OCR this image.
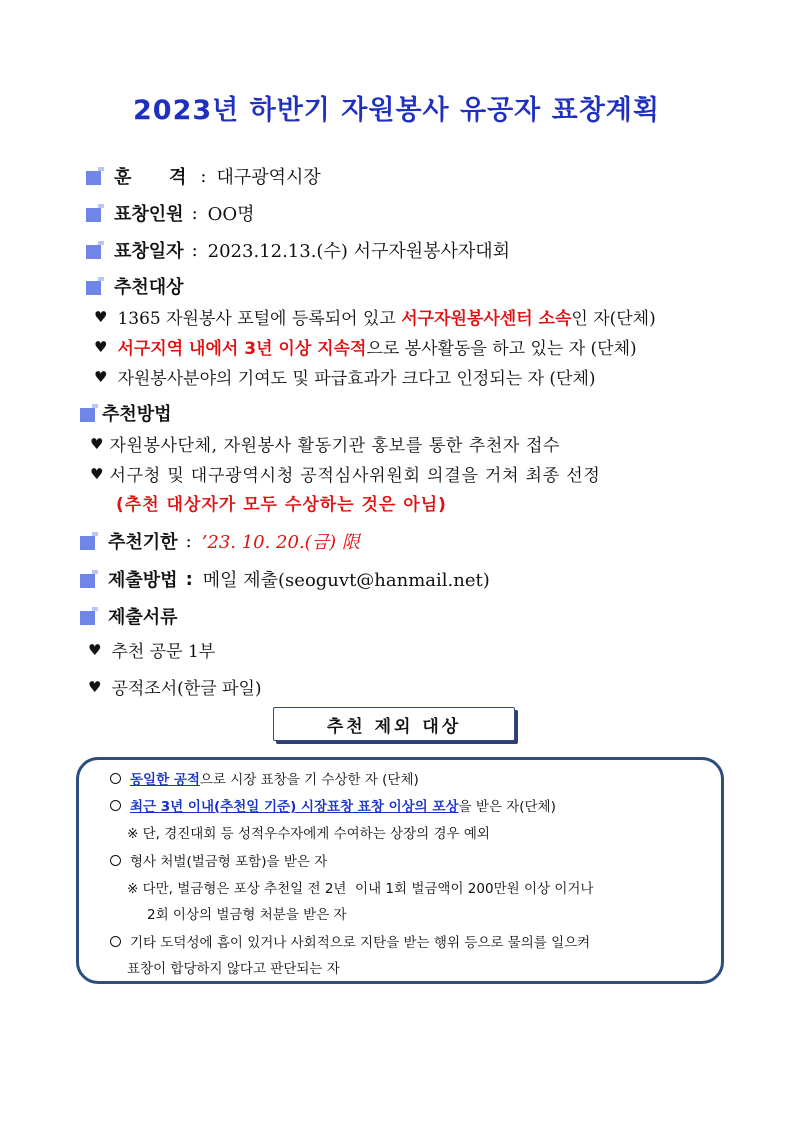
2023년 하반기 자원봉사 유공자 표창계획
훈      격 : 대구광역시장
표창인원 : OO명
표창일자 : 2023.12.13.(수) 서구자원봉사자대회
추천대상
♥ 1365 자원봉사 포털에 등록되어 있고 서구자원봉사센터 소속 인 자(단체)
♥ 서구지역 내에서 3년 이상 지속적 으로 봉사활동을 하고 있는 자 (단체)
♥ 자원봉사분야의 기여도 및 파급효과가 크다고 인정되는 자 (단체)
추천방법
♥ 자원봉사단체, 자원봉사 활동기관 홍보를 통한 추천자 접수
♥ 서구청 및 대구광역시청 공적심사위원회 의결을 거쳐 최종 선정
(추천 대상자가 모두 수상하는 것은 아님)
추천기한 : ’23. 10. 20.(금) 限
제출방법 : 메일 제출(seoguvt@hanmail.net)
제출서류
♥ 추천 공문 1부
♥ 공적조서(한글 파일)
추천 제외 대상
동일한 공적으로 시장 표창을 기 수상한 자 (단체)
최근 3년 이내(추천일 기준) 시장표창 표창 이상의 포상을 받은 자(단체)
※ 단, 경진대회 등 성적우수자에게 수여하는 상장의 경우 예외
형사 처벌(벌금형 포함)을 받은 자
※ 다만, 벌금형은 포상 추천일 전 2년  이내 1회 벌금액이 200만원 이상 이거나
2회 이상의 벌금형 처분을 받은 자
기타 도덕성에 흠이 있거나 사회적으로 지탄을 받는 행위 등으로 물의를 일으켜
표창이 합당하지 않다고 판단되는 자
